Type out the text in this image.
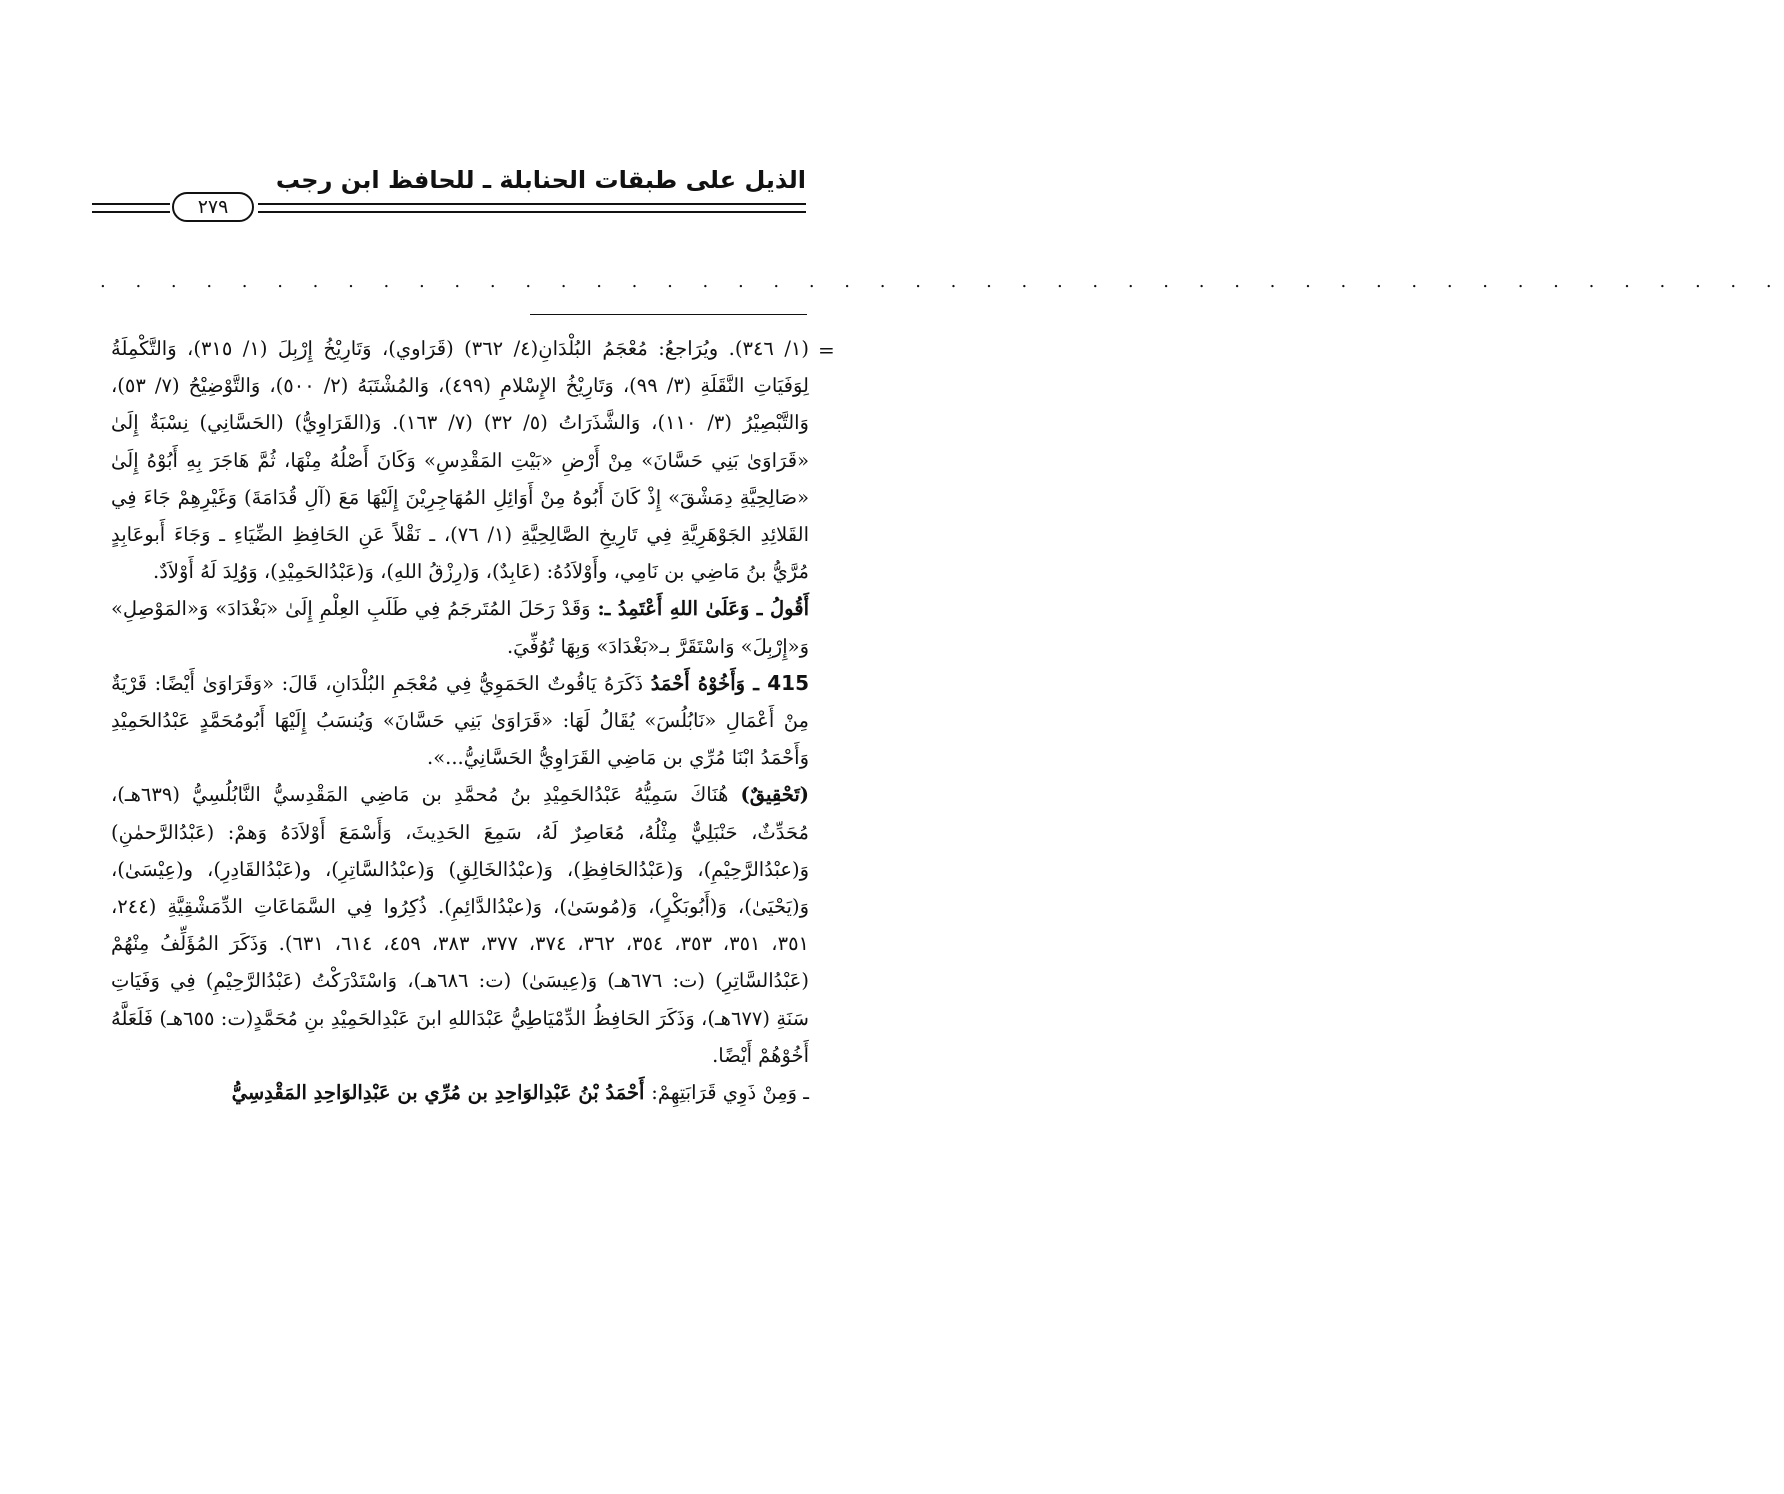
الذيل على طبقات الحنابلة ـ للحافظ ابن رجب
٢٧٩
. . . . . . . . . . . . . . . . . . . . . . . . . . . . . . . . . . . . . . . . . . . . . . . .
=

(١/ ٣٤٦). ويُرَاجعُ: مُعْجَمُ البُلْدَانِ(٤/ ٣٦٢) (قَرَاوي)، وَتَارِيْخُ إِرْبِلَ (١/ ٣١٥)، وَالتَّكْمِلَةُ لِوَفَيَاتِ النَّقَلَةِ (٣/ ٩٩)، وَتَارِيْخُ الإِسْلامِ (٤٩٩)، وَالمُشْتَبَهُ (٢/ ٥٠٠)، وَالتَّوْضِيْحُ (٧/ ٥٣)، وَالتَّبْصِيْرُ (٣/ ١١٠)، وَالشَّذَرَاتُ (٥/ ٣٢) (٧/ ١٦٣). وَ(القَرَاوِيُّ) (الحَسَّانِي) نِسْبَةٌ إِلَىٰ «قَرَاوَىٰ بَنِي حَسَّانَ» مِنْ أَرْضِ «بَيْتِ المَقْدِسِ» وَكَانَ أَصْلُهُ مِنْهَا، ثُمَّ هَاجَرَ بِهِ أَبُوْهُ إِلَىٰ «صَالِحِيَّةِ دِمَشْقَ» إِذْ كَانَ أَبُوهُ مِنْ أَوَائِلِ المُهَاجِرِيْنَ إِلَيْهَا مَعَ (آلِ قُدَامَةَ) وَغَيْرِهِمْ جَاءَ فِي القَلائِدِ الجَوْهَرِيَّةِ فِي تَارِيخِ الصَّالِحِيَّةِ (١/ ٧٦)، ـ نَقْلاً عَنِ الحَافِظِ الضِّيَاءِ ـ وَجَاءَ أَبوعَابِدٍ مُرَّيُّ بنُ مَاضِي بن نَامِي، وأَوْلاَدُهُ: (عَابِدٌ)، وَ(رِزْقُ اللهِ)، وَ(عَبْدُالحَمِيْدِ)، وَوُلِدَ لَهُ أَوْلاَدٌ.

أَقُولُ ـ وَعَلَىٰ اللهِ أَعْتَمِدُ ـ: وَقَدْ رَحَلَ المُتَرجَمُ فِي طَلَبِ العِلْمِ إِلَىٰ «بَغْدَادَ» وَ«المَوْصِلِ» وَ«إِرْبِلَ» وَاسْتَقَرَّ بـ«بَغْدَادَ» وَبِهَا تُوُفِّيَ.

415 ـ وَأَخُوْهُ أَحْمَدُ ذَكَرَهُ يَاقُوتٌ الحَمَوِيُّ فِي مُعْجَمِ البُلْدَانِ، قَالَ: «وَقَرَاوَىٰ أَيْضًا: قَرْيَةٌ مِنْ أَعْمَالِ «نَابُلُسَ» يُقَالُ لَهَا: «قَرَاوَىٰ بَنِي حَسَّانَ» وَيُنسَبُ إِلَيْهَا أَبُومُحَمَّدٍ عَبْدُالحَمِيْدِ وَأَحْمَدُ ابْنَا مُرِّي بن مَاضِي القَرَاوِيُّ الحَسَّانِيُّ...».

(تَحْقِيقٌ) هُنَاكَ سَمِيُّهُ عَبْدُالحَمِيْدِ بنُ مُحمَّدِ بن مَاضِي المَقْدِسيُّ النَّابُلُسِيُّ (٦٣٩هـ)، مُحَدِّثٌ، حَنْبَلِيٌّ مِثْلُهُ، مُعَاصِرٌ لَهُ، سَمِعَ الحَدِيثَ، وَأَسْمَعَ أَوْلاَدَهُ وَهمْ: (عَبْدُالرَّحمٰنِ) وَ(عبْدُالرَّحِيْمِ)، وَ(عَبْدُالحَافِظِ)، وَ(عبْدُالخَالِقِ) وَ(عبْدُالسَّاتِرِ)، و(عَبْدُالقَادِرِ)، و(عِيْسَىٰ)، وَ(يَحْيَىٰ)، وَ(أَبُوبَكْرٍ)، وَ(مُوسَىٰ)، وَ(عبْدُالدَّائِمِ). ذُكِرُوا فِي السَّمَاعَاتِ الدِّمَشْقِيَّةِ (٢٤٤، ٣٥١، ٣٥١، ٣٥٣، ٣٥٤، ٣٦٢، ٣٧٤، ٣٧٧، ٣٨٣، ٤٥٩، ٦١٤، ٦٣١). وَذَكَرَ المُؤَلِّفُ مِنْهُمْ (عَبْدُالسَّاتِرِ) (ت: ٦٧٦هـ) وَ(عِيسَىٰ) (ت: ٦٨٦هـ)، وَاسْتَدْرَكْتُ (عَبْدُالرَّحِيْمِ) فِي وَفَيَاتِ سَنَةِ (٦٧٧هـ)، وَذَكَرَ الحَافِظُ الدِّمْيَاطِيُّ عَبْدَاللهِ ابنَ عَبْدِالحَمِيْدِ بنِ مُحَمَّدٍ(ت: ٦٥٥هـ) فَلَعَلَّهُ أَخُوْهُمْ أَيْضًا.

ـ وَمِنْ ذَوِي قَرَابَتِهِمْ: أَحْمَدُ بْنُ عَبْدِالوَاحِدِ بن مُرِّي بن عَبْدِالوَاحِدِ المَقْدِسِيُّ
